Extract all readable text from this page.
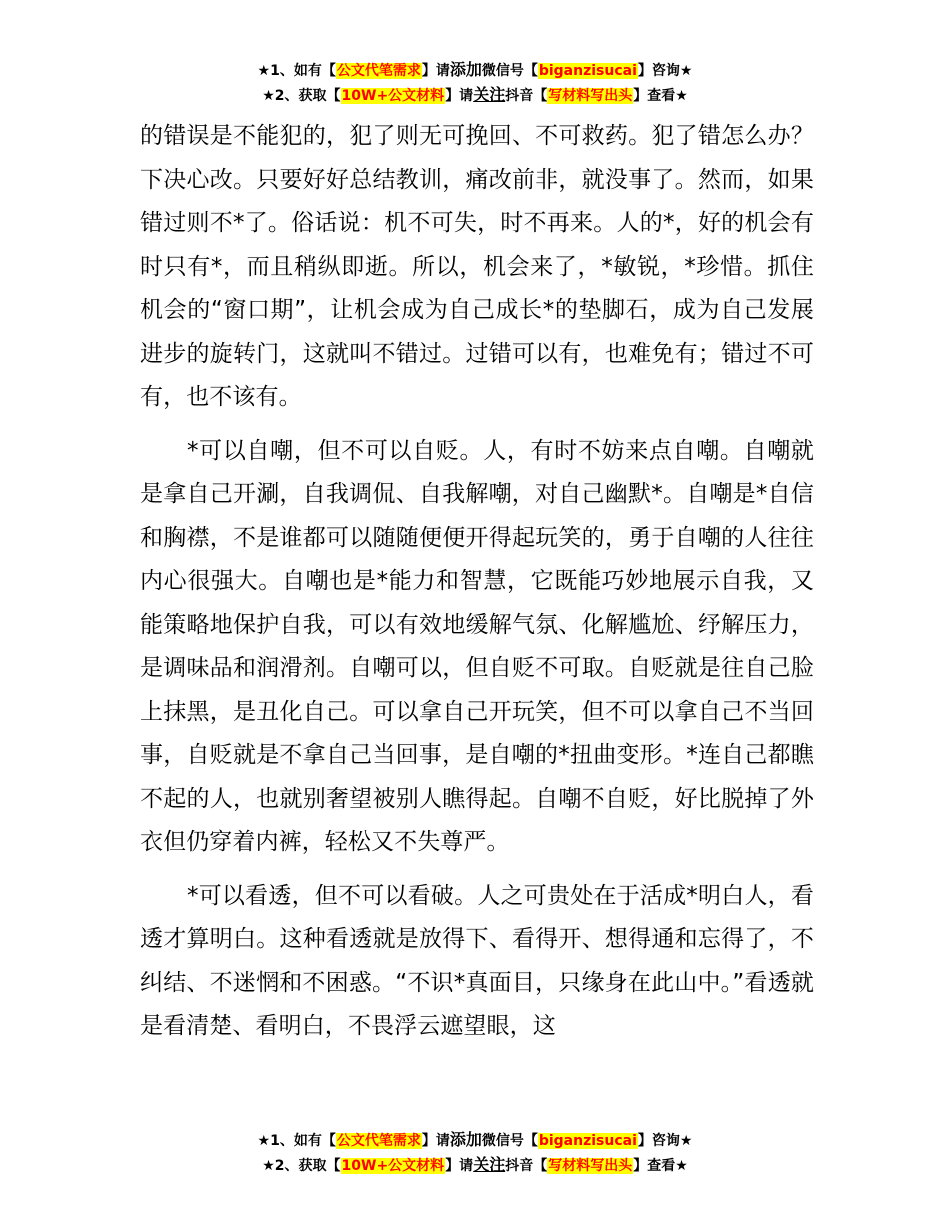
★1、如有【公文代笔需求】请添加微信号【biganzisucai】咨询★
★2、获取【10W+公文材料】请关注抖音【写材料写出头】查看★

的错误是不能犯的，犯了则无可挽回、不可救药。犯了错怎么办？下决心改。只要好好总结教训，痛改前非，就没事了。然而，如果错过则不*了。俗话说：机不可失，时不再来。人的*，好的机会有时只有*，而且稍纵即逝。所以，机会来了，*敏锐，*珍惜。抓住机会的“窗口期”，让机会成为自己成长*的垫脚石，成为自己发展进步的旋转门，这就叫不错过。过错可以有，也难免有；错过不可有，也不该有。

*可以自嘲，但不可以自贬。人，有时不妨来点自嘲。自嘲就是拿自己开涮，自我调侃、自我解嘲，对自己幽默*。自嘲是*自信和胸襟，不是谁都可以随随便便开得起玩笑的，勇于自嘲的人往往内心很强大。自嘲也是*能力和智慧，它既能巧妙地展示自我，又能策略地保护自我，可以有效地缓解气氛、化解尴尬、纾解压力，是调味品和润滑剂。自嘲可以，但自贬不可取。自贬就是往自己脸上抹黑，是丑化自己。可以拿自己开玩笑，但不可以拿自己不当回事，自贬就是不拿自己当回事，是自嘲的*扭曲变形。*连自己都瞧不起的人，也就别奢望被别人瞧得起。自嘲不自贬，好比脱掉了外衣但仍穿着内裤，轻松又不失尊严。

*可以看透，但不可以看破。人之可贵处在于活成*明白人，看透才算明白。这种看透就是放得下、看得开、想得通和忘得了，不纠结、不迷惘和不困惑。“不识*真面目，只缘身在此山中。”看透就是看清楚、看明白，不畏浮云遮望眼，这

★1、如有【公文代笔需求】请添加微信号【biganzisucai】咨询★
★2、获取【10W+公文材料】请关注抖音【写材料写出头】查看★
